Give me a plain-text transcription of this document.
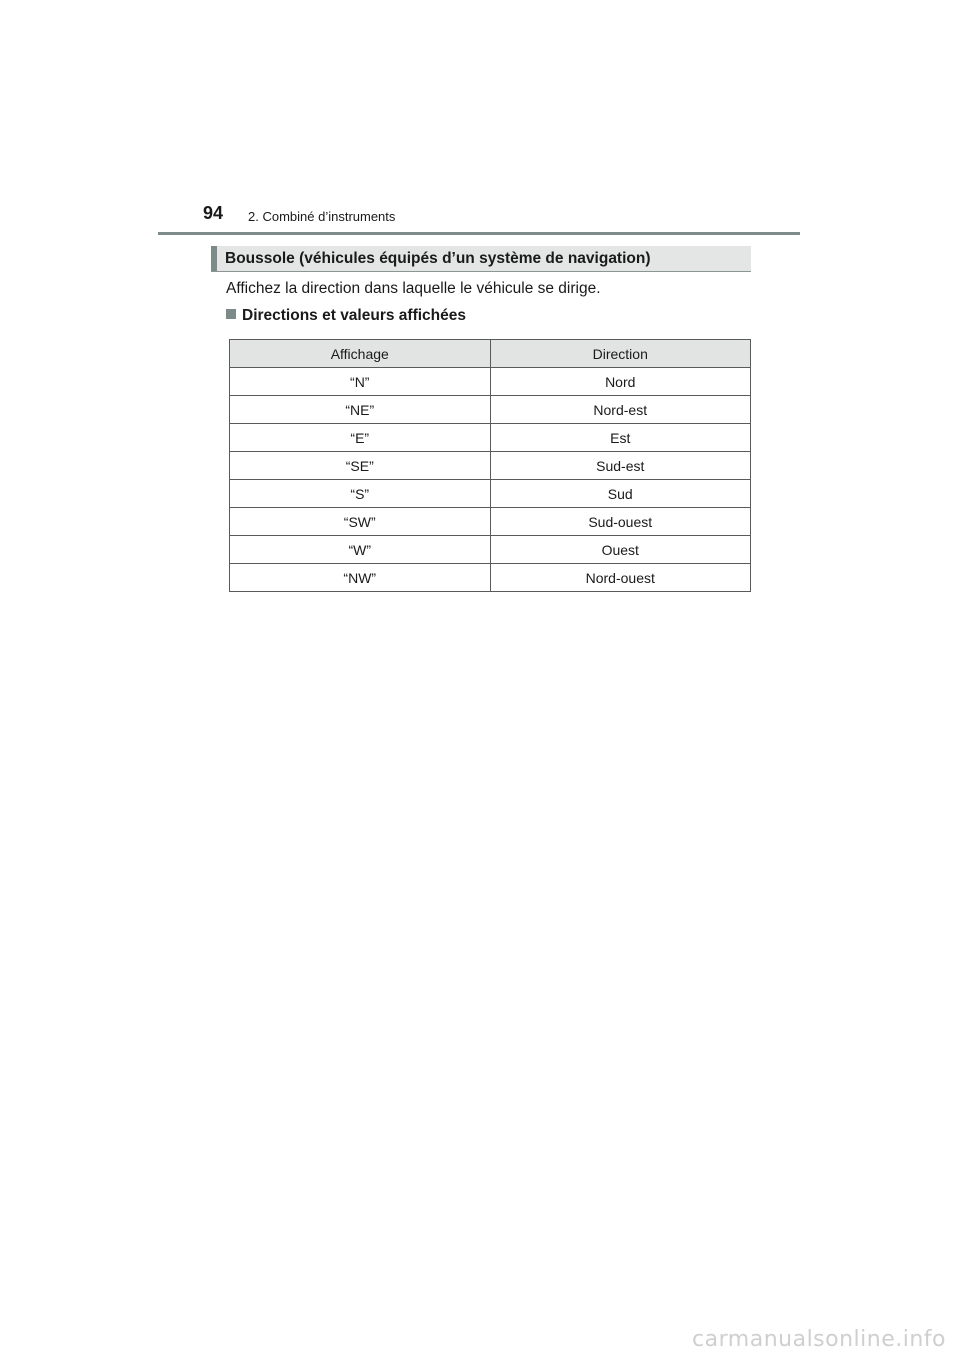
94 2. Combiné d’instruments
Boussole (véhicules équipés d’un système de navigation)
Affichez la direction dans laquelle le véhicule se dirige.
Directions et valeurs affichées
Affichage	Direction
“N”	Nord
“NE”	Nord-est
“E”	Est
“SE”	Sud-est
“S”	Sud
“SW”	Sud-ouest
“W”	Ouest
“NW”	Nord-ouest
carmanualsonline.info
